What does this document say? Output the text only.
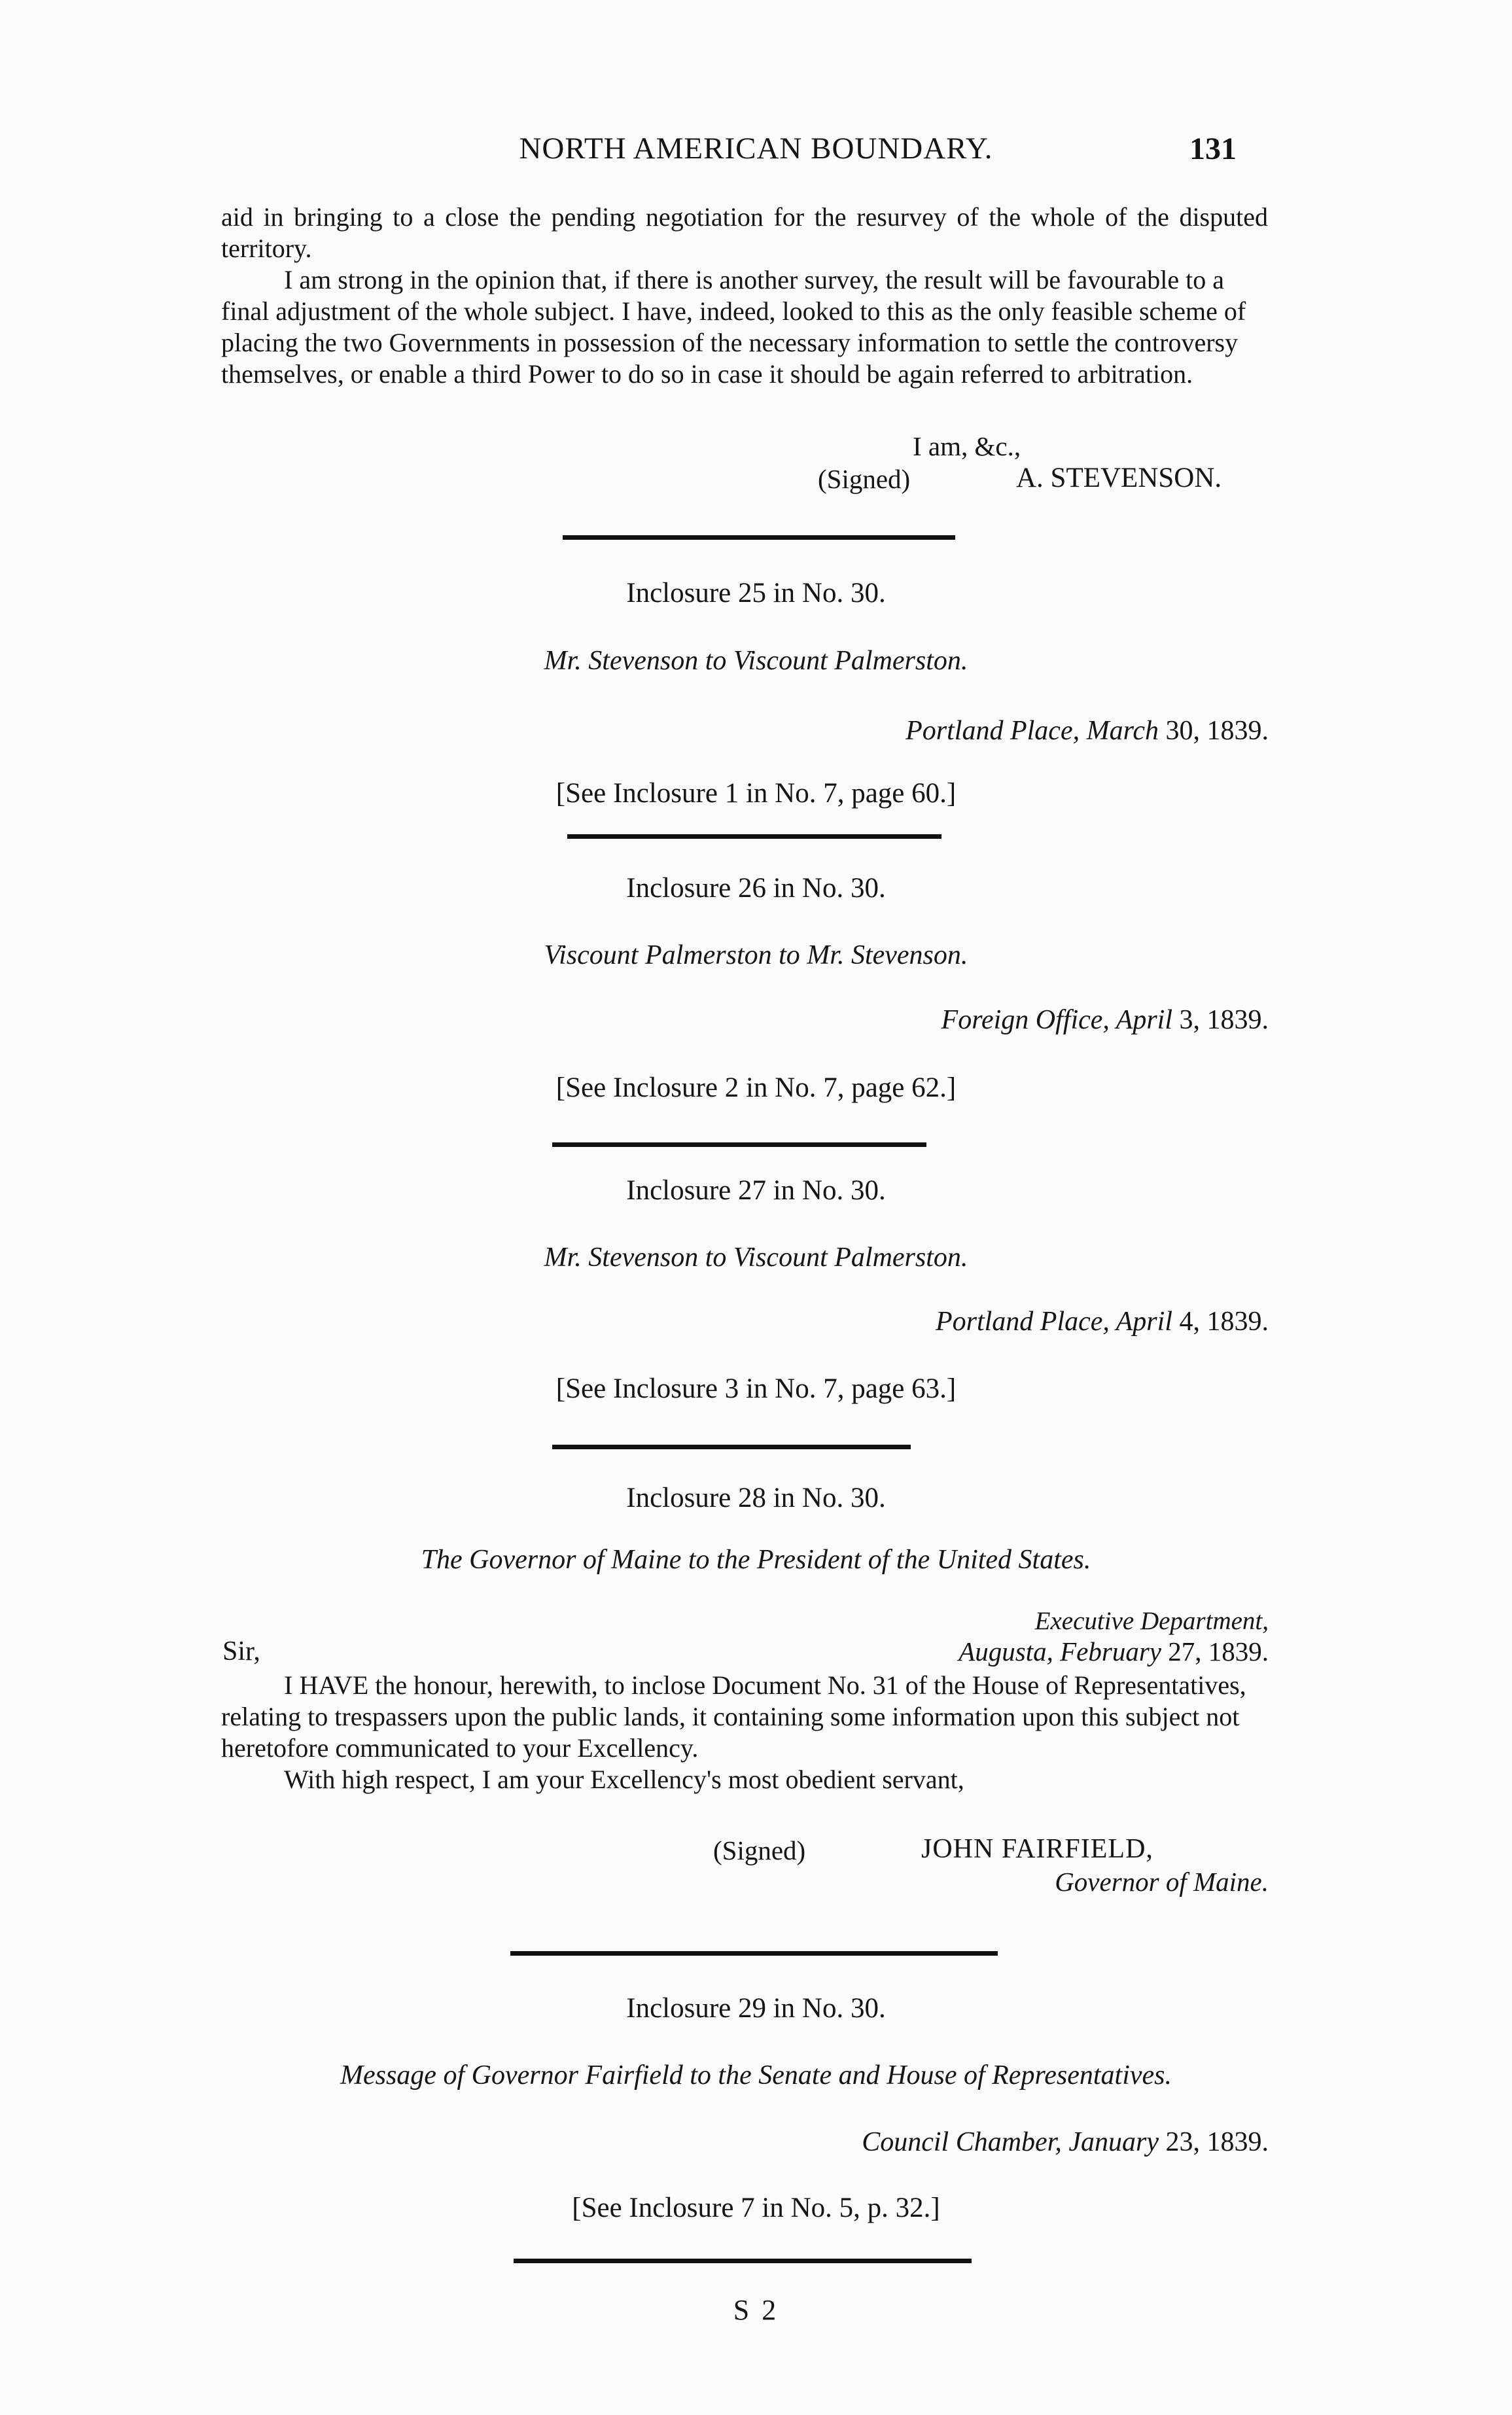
NORTH AMERICAN BOUNDARY.	131

aid in bringing to a close the pending negotiation for the resurvey of the whole of the disputed territory.

I am strong in the opinion that, if there is another survey, the result will be favourable to a final adjustment of the whole subject. I have, indeed, looked to this as the only feasible scheme of placing the two Governments in possession of the necessary information to settle the controversy themselves, or enable a third Power to do so in case it should be again referred to arbitration.

I am, &c.,
(Signed)	A. STEVENSON.
Inclosure 25 in No. 30.
Mr. Stevenson to Viscount Palmerston.
Portland Place, March 30, 1839.
[See Inclosure 1 in No. 7, page 60.]
Inclosure 26 in No. 30.
Viscount Palmerston to Mr. Stevenson.
Foreign Office, April 3, 1839.
[See Inclosure 2 in No. 7, page 62.]
Inclosure 27 in No. 30.
Mr. Stevenson to Viscount Palmerston.
Portland Place, April 4, 1839.
[See Inclosure 3 in No. 7, page 63.]
Inclosure 28 in No. 30.
The Governor of Maine to the President of the United States.
Executive Department,
Sir,	Augusta, February 27, 1839.

I HAVE the honour, herewith, to inclose Document No. 31 of the House of Representatives, relating to trespassers upon the public lands, it containing some information upon this subject not heretofore communicated to your Excellency.

With high respect, I am your Excellency's most obedient servant,

(Signed)	JOHN FAIRFIELD,
Governor of Maine.
Inclosure 29 in No. 30.
Message of Governor Fairfield to the Senate and House of Representatives.
Council Chamber, January 23, 1839.
[See Inclosure 7 in No. 5, p. 32.]
S 2
